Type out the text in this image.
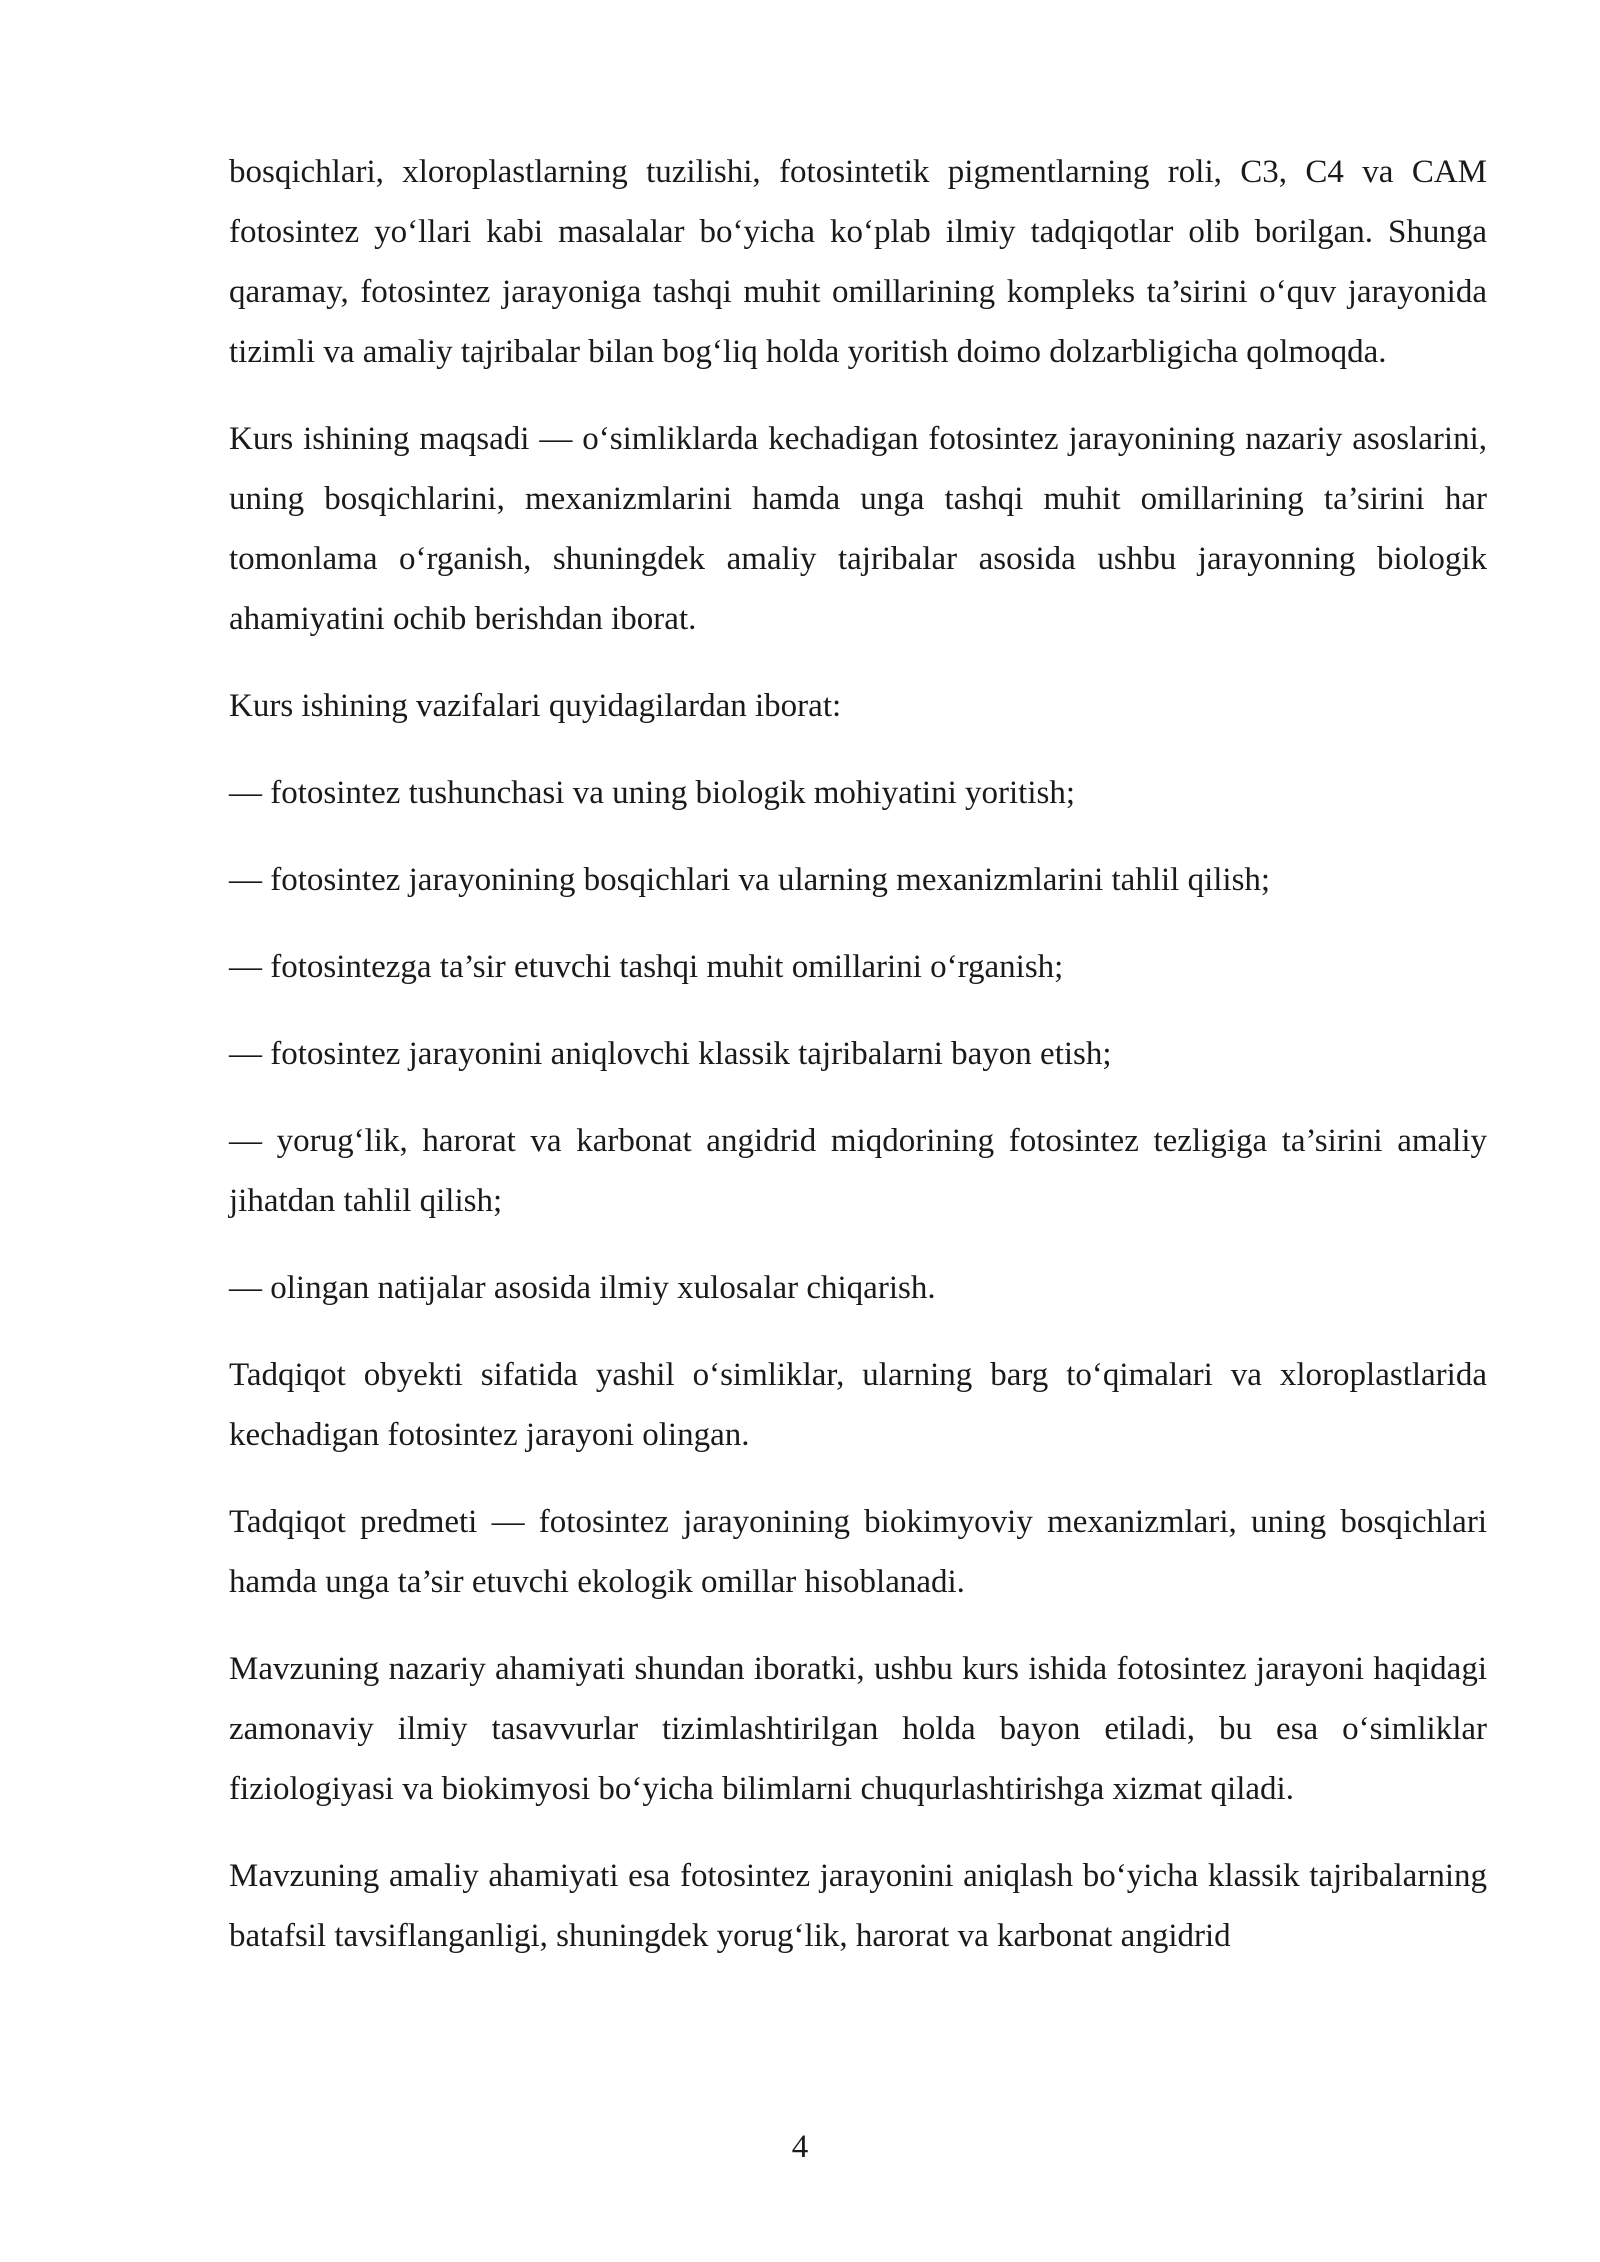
bosqichlari, xloroplastlarning tuzilishi, fotosintetik pigmentlarning roli, C3, C4 va CAM fotosintez yo‘llari kabi masalalar bo‘yicha ko‘plab ilmiy tadqiqotlar olib borilgan. Shunga qaramay, fotosintez jarayoniga tashqi muhit omillarining kompleks ta’sirini o‘quv jarayonida tizimli va amaliy tajribalar bilan bog‘liq holda yoritish doimo dolzarbligicha qolmoqda.

Kurs ishining maqsadi — o‘simliklarda kechadigan fotosintez jarayonining nazariy asoslarini, uning bosqichlarini, mexanizmlarini hamda unga tashqi muhit omillarining ta’sirini har tomonlama o‘rganish, shuningdek amaliy tajribalar asosida ushbu jarayonning biologik ahamiyatini ochib berishdan iborat.

Kurs ishining vazifalari quyidagilardan iborat:

— fotosintez tushunchasi va uning biologik mohiyatini yoritish;

— fotosintez jarayonining bosqichlari va ularning mexanizmlarini tahlil qilish;

— fotosintezga ta’sir etuvchi tashqi muhit omillarini o‘rganish;

— fotosintez jarayonini aniqlovchi klassik tajribalarni bayon etish;

— yorug‘lik, harorat va karbonat angidrid miqdorining fotosintez tezligiga ta’sirini amaliy jihatdan tahlil qilish;

— olingan natijalar asosida ilmiy xulosalar chiqarish.

Tadqiqot obyekti sifatida yashil o‘simliklar, ularning barg to‘qimalari va xloroplastlarida kechadigan fotosintez jarayoni olingan.

Tadqiqot predmeti — fotosintez jarayonining biokimyoviy mexanizmlari, uning bosqichlari hamda unga ta’sir etuvchi ekologik omillar hisoblanadi.

Mavzuning nazariy ahamiyati shundan iboratki, ushbu kurs ishida fotosintez jarayoni haqidagi zamonaviy ilmiy tasavvurlar tizimlashtirilgan holda bayon etiladi, bu esa o‘simliklar fiziologiyasi va biokimyosi bo‘yicha bilimlarni chuqurlashtirishga xizmat qiladi.

Mavzuning amaliy ahamiyati esa fotosintez jarayonini aniqlash bo‘yicha klassik tajribalarning batafsil tavsiflanganligi, shuningdek yorug‘lik, harorat va karbonat angidrid

4
